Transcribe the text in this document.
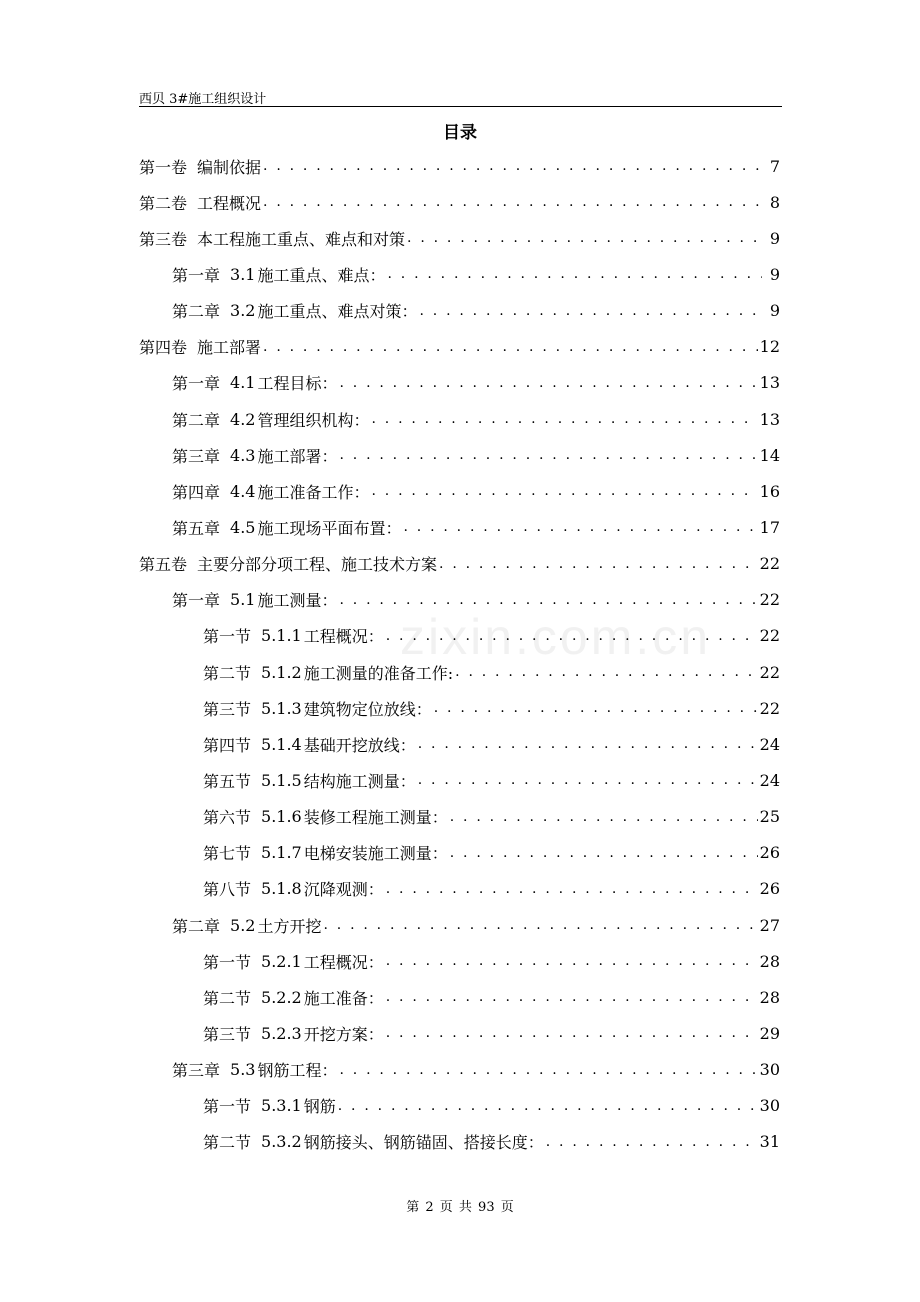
西贝 3#施工组织设计
目录
zixin.com.cn
第一卷 编制依据 . . .	7
第二卷 工程概况 . . .	8
第三卷 本工程施工重点、难点和对策 . . .	9
第一章 3.1 施工重点、难点： . . .	9
第二章 3.2 施工重点、难点对策： . . .	9
第四卷 施工部署 . . .	12
第一章 4.1 工程目标： . . .	13
第二章 4.2 管理组织机构： . . .	13
第三章 4.3 施工部署： . . .	14
第四章 4.4 施工准备工作： . . .	16
第五章 4.5 施工现场平面布置： . . .	17
第五卷 主要分部分项工程、施工技术方案 . . .	22
第一章 5.1 施工测量： . . .	22
第一节 5.1.1 工程概况： . . .	22
第二节 5.1.2 施工测量的准备工作: . . .	22
第三节 5.1.3 建筑物定位放线： . . .	22
第四节 5.1.4 基础开挖放线： . . .	24
第五节 5.1.5 结构施工测量： . . .	24
第六节 5.1.6 装修工程施工测量： . . .	25
第七节 5.1.7 电梯安装施工测量： . . .	26
第八节 5.1.8 沉降观测： . . .	26
第二章 5.2 土方开挖 . . .	27
第一节 5.2.1 工程概况： . . .	28
第二节 5.2.2 施工准备： . . .	28
第三节 5.2.3 开挖方案： . . .	29
第三章 5.3 钢筋工程： . . .	30
第一节 5.3.1 钢筋 . . .	30
第二节 5.3.2 钢筋接头、钢筋锚固、搭接长度： . . .	31
第 2 页 共 93 页
